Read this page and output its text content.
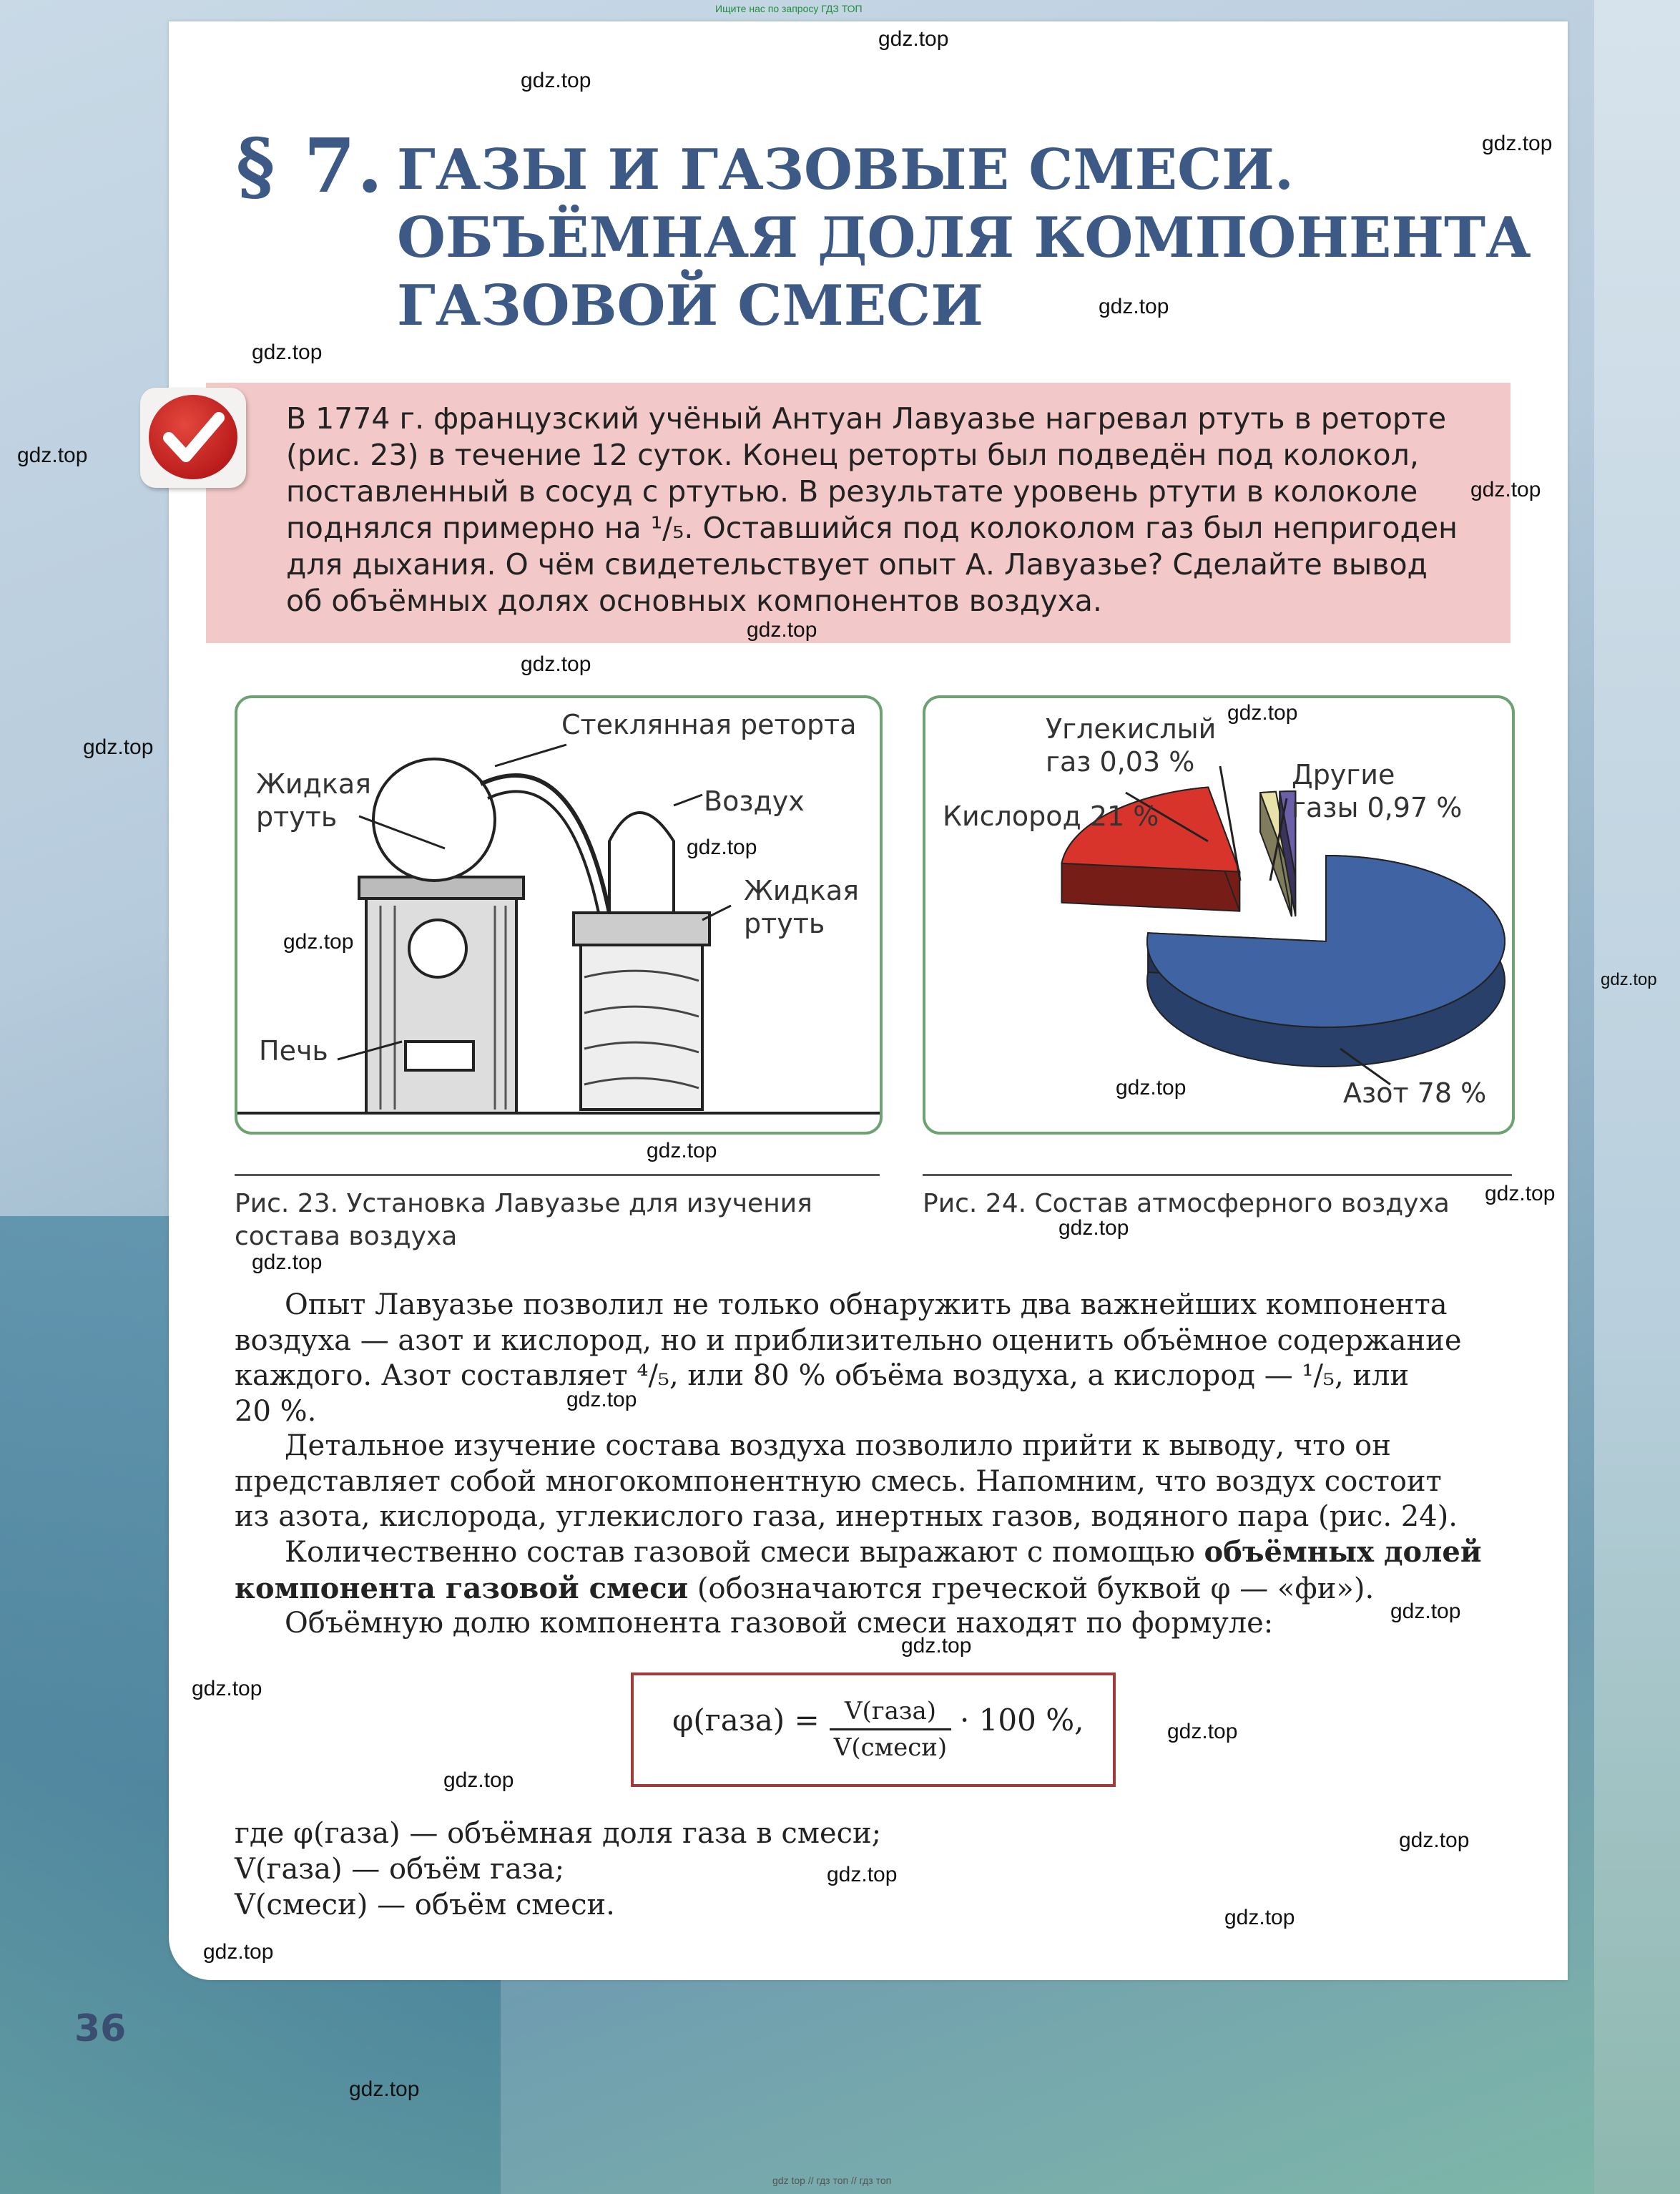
Ищите нас по запросу ГДЗ ТОП
§ 7. ГАЗЫ И ГАЗОВЫЕ СМЕСИ.
ОБЪЁМНАЯ ДОЛЯ КОМПОНЕНТА
ГАЗОВОЙ СМЕСИ
В 1774 г. французский учёный Антуан Лавуазье нагревал ртуть в реторте
(рис. 23) в течение 12 суток. Конец реторты был подведён под колокол,
поставленный в сосуд с ртутью. В результате уровень ртути в колоколе
поднялся примерно на ¹/₅. Оставшийся под колоколом газ был непригоден
для дыхания. О чём свидетельствует опыт А. Лавуазье? Сделайте вывод
об объёмных долях основных компонентов воздуха.
Стеклянная реторта
Жидкая
ртуть	Воздух
Жидкая
ртуть
Печь
Рис. 23. Установка Лавуазье для изучения
состава воздуха
Углекислый
газ 0,03 %	Другие
газы 0,97 %
Кислород 21 %
Азот 78 %
Рис. 24. Состав атмосферного воздуха

Опыт Лавуазье позволил не только обнаружить два важнейших компонента

воздуха — азот и кислород, но и приблизительно оценить объёмное содержание
каждого. Азот составляет ⁴/₅, или 80 % объёма воздуха, а кислород — ¹/₅, или
20 %.

Детальное изучение состава воздуха позволило прийти к выводу, что он

представляет собой многокомпонентную смесь. Напомним, что воздух состоит
из азота, кислорода, углекислого газа, инертных газов, водяного пара (рис. 24).

Количественно состав газовой смеси выражают с помощью объёмных долей

компонента газовой смеси (обозначаются греческой буквой φ — «фи»).

Объёмную долю компонента газовой смеси находят по формуле:

φ(газа) =	V(газа)
V(смеси)
· 100 %,
где φ(газа) — объёмная доля газа в смеси;
V(газа) — объём газа;
V(смеси) — объём смеси.
36
gdz top // гдз топ // гдз топ
gdz.top
gdz.top
gdz.top
gdz.top
gdz.top
gdz.top
gdz.top
gdz.top
gdz.top
gdz.top
gdz.top
gdz.top
gdz.top
gdz.top
gdz.top
gdz.top
gdz.top
gdz.top
gdz.top
gdz.top
gdz.top
gdz.top
gdz.top
gdz.top
gdz.top
gdz.top
gdz.top
gdz.top
gdz.top
gdz.top
